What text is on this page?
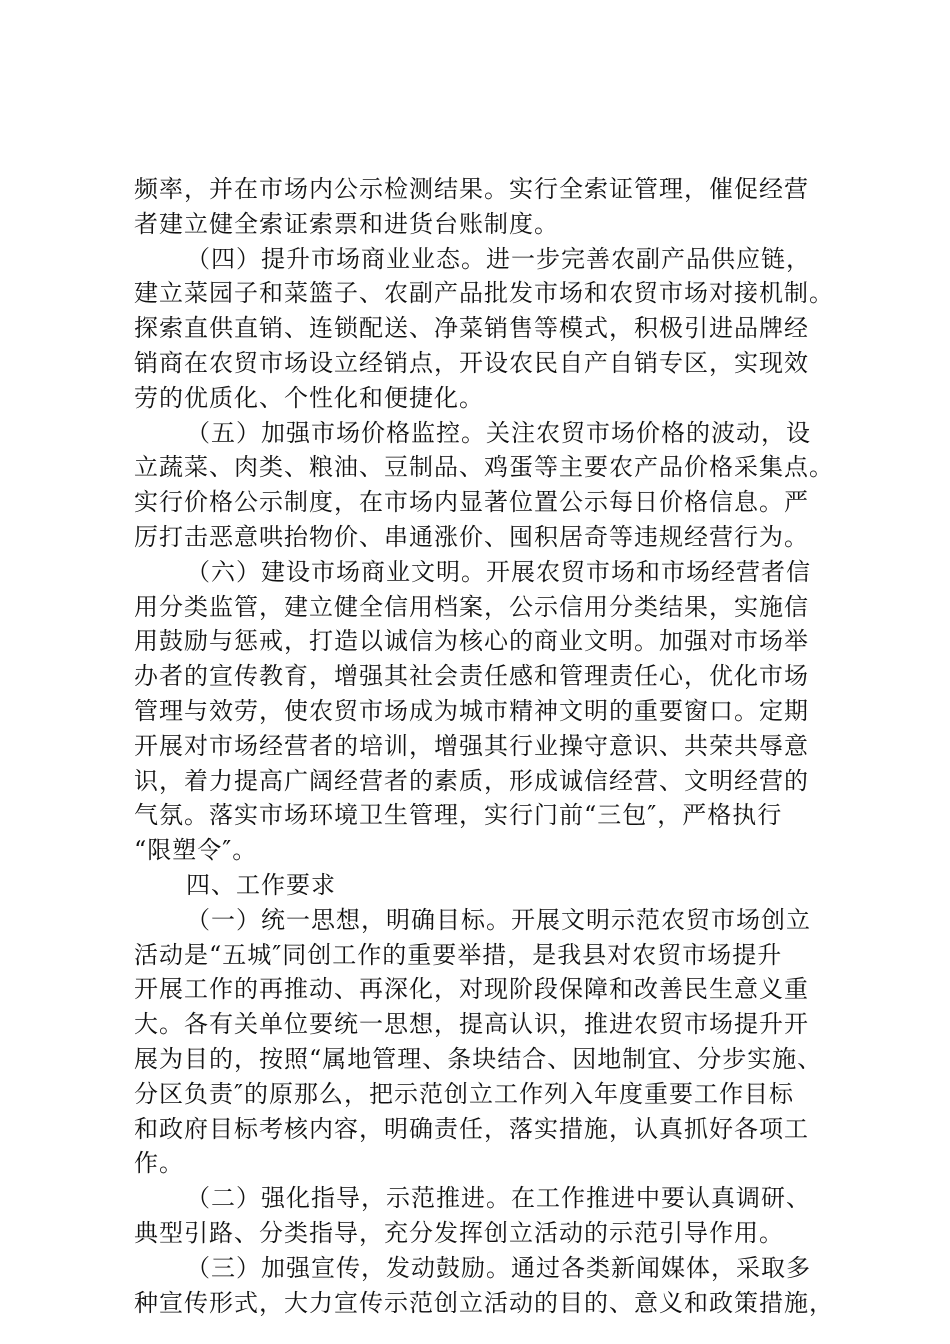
频率，并在市场内公示检测结果。实行全索证管理，催促经营
者建立健全索证索票和进货台账制度。
（四）提升市场商业业态。进一步完善农副产品供应链，
建立菜园子和菜篮子、农副产品批发市场和农贸市场对接机制。
探索直供直销、连锁配送、净菜销售等模式，积极引进品牌经
销商在农贸市场设立经销点，开设农民自产自销专区，实现效
劳的优质化、个性化和便捷化。
（五）加强市场价格监控。关注农贸市场价格的波动，设
立蔬菜、肉类、粮油、豆制品、鸡蛋等主要农产品价格采集点。
实行价格公示制度，在市场内显著位置公示每日价格信息。严
厉打击恶意哄抬物价、串通涨价、囤积居奇等违规经营行为。
（六）建设市场商业文明。开展农贸市场和市场经营者信
用分类监管，建立健全信用档案，公示信用分类结果，实施信
用鼓励与惩戒，打造以诚信为核心的商业文明。加强对市场举
办者的宣传教育，增强其社会责任感和管理责任心，优化市场
管理与效劳，使农贸市场成为城市精神文明的重要窗口。定期
开展对市场经营者的培训，增强其行业操守意识、共荣共辱意
识，着力提高广阔经营者的素质，形成诚信经营、文明经营的
气氛。落实市场环境卫生管理，实行门前“三包″，严格执行
“限塑令″。
四、工作要求
（一）统一思想，明确目标。开展文明示范农贸市场创立
活动是“五城″同创工作的重要举措，是我县对农贸市场提升
开展工作的再推动、再深化，对现阶段保障和改善民生意义重
大。各有关单位要统一思想，提高认识，推进农贸市场提升开
展为目的，按照“属地管理、条块结合、因地制宜、分步实施、
分区负责″的原那么，把示范创立工作列入年度重要工作目标
和政府目标考核内容，明确责任，落实措施，认真抓好各项工
作。
（二）强化指导，示范推进。在工作推进中要认真调研、
典型引路、分类指导，充分发挥创立活动的示范引导作用。
（三）加强宣传，发动鼓励。通过各类新闻媒体，采取多
种宣传形式，大力宣传示范创立活动的目的、意义和政策措施，
